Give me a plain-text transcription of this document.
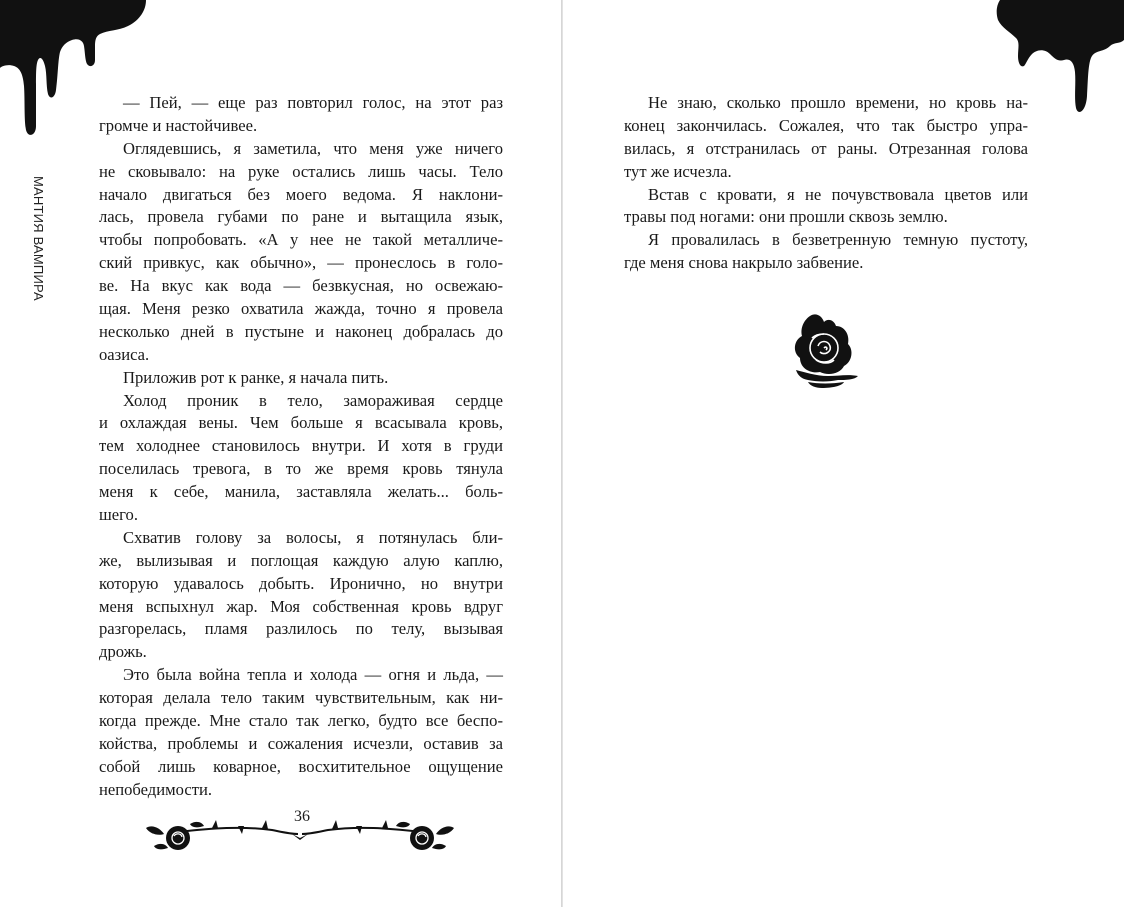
МАНТИЯ ВАМПИРА
— Пей, — еще раз повторил голос, на этот раз
громче и настойчивее.
Оглядевшись, я заметила, что меня уже ничего
не сковывало: на руке остались лишь часы. Тело
начало двигаться без моего ведома. Я наклони-
лась, провела губами по ране и вытащила язык,
чтобы попробовать. «А у нее не такой металличе-
ский привкус, как обычно», — пронеслось в голо-
ве. На вкус как вода — безвкусная, но освежаю-
щая. Меня резко охватила жажда, точно я провела
несколько дней в пустыне и наконец добралась до
оазиса.
Приложив рот к ранке, я начала пить.
Холод проник в тело, замораживая сердце
и охлаждая вены. Чем больше я всасывала кровь,
тем холоднее становилось внутри. И хотя в груди
поселилась тревога, в то же время кровь тянула
меня к себе, манила, заставляла желать... боль-
шего.
Схватив голову за волосы, я потянулась бли-
же, вылизывая и поглощая каждую алую каплю,
которую удавалось добыть. Иронично, но внутри
меня вспыхнул жар. Моя собственная кровь вдруг
разгорелась, пламя разлилось по телу, вызывая
дрожь.
Это была война тепла и холода — огня и льда, —
которая делала тело таким чувствительным, как ни-
когда прежде. Мне стало так легко, будто все беспо-
койства, проблемы и сожаления исчезли, оставив за
собой лишь коварное, восхитительное ощущение
непобедимости.
Не знаю, сколько прошло времени, но кровь на-
конец закончилась. Сожалея, что так быстро упра-
вилась, я отстранилась от раны. Отрезанная голова
тут же исчезла.
Встав с кровати, я не почувствовала цветов или
травы под ногами: они прошли сквозь землю.
Я провалилась в безветренную темную пустоту,
где меня снова накрыло забвение.
36
